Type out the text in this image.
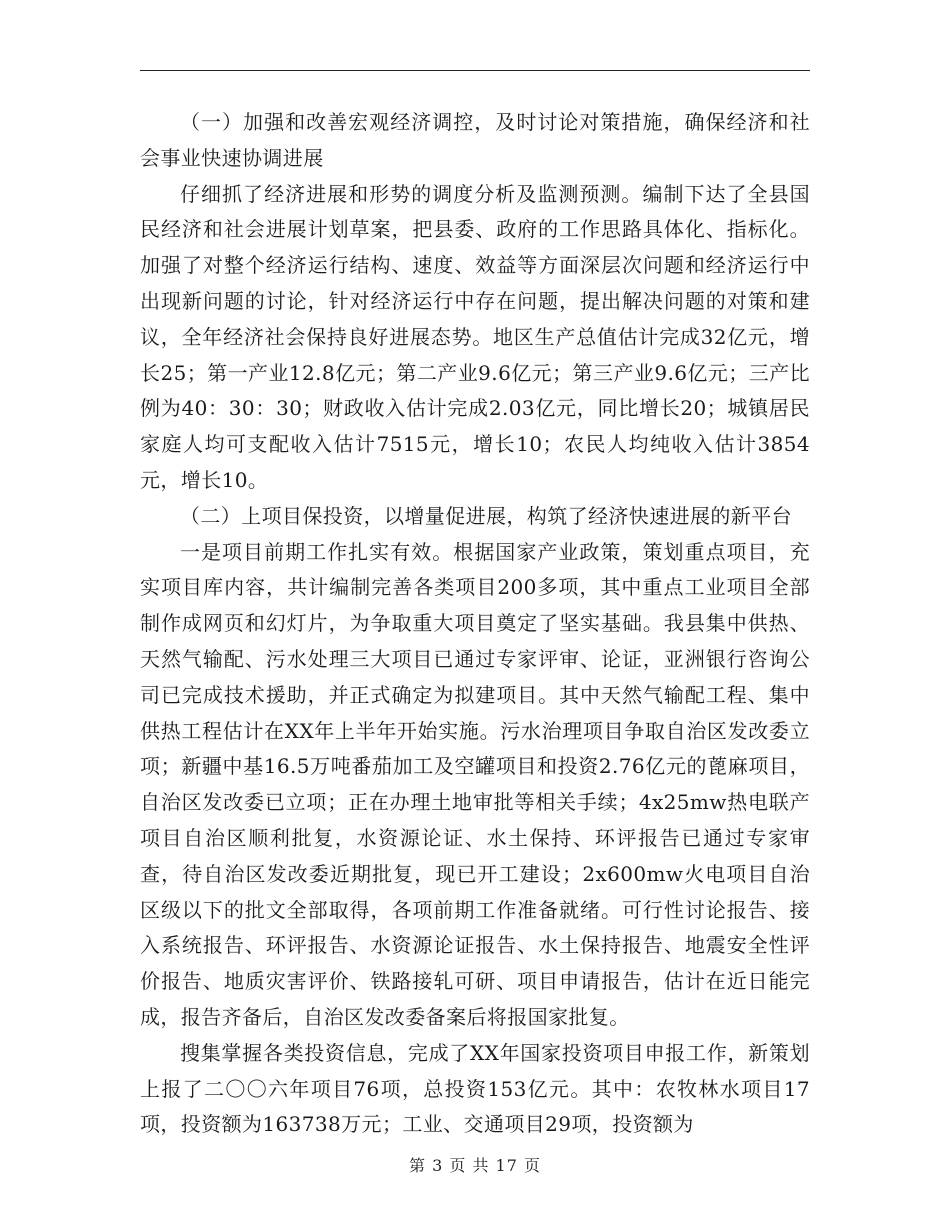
（一）加强和改善宏观经济调控，及时讨论对策措施，确保经济和社会事业快速协调进展

仔细抓了经济进展和形势的调度分析及监测预测。编制下达了全县国民经济和社会进展计划草案，把县委、政府的工作思路具体化、指标化。加强了对整个经济运行结构、速度、效益等方面深层次问题和经济运行中出现新问题的讨论，针对经济运行中存在问题，提出解决问题的对策和建议，全年经济社会保持良好进展态势。地区生产总值估计完成32亿元，增长25；第一产业12.8亿元；第二产业9.6亿元；第三产业9.6亿元；三产比例为40：30：30；财政收入估计完成2.03亿元，同比增长20；城镇居民家庭人均可支配收入估计7515元，增长10；农民人均纯收入估计3854元，增长10。

（二）上项目保投资，以增量促进展，构筑了经济快速进展的新平台

一是项目前期工作扎实有效。根据国家产业政策，策划重点项目，充实项目库内容，共计编制完善各类项目200多项，其中重点工业项目全部制作成网页和幻灯片，为争取重大项目奠定了坚实基础。我县集中供热、天然气输配、污水处理三大项目已通过专家评审、论证，亚洲银行咨询公司已完成技术援助，并正式确定为拟建项目。其中天然气输配工程、集中供热工程估计在XX年上半年开始实施。污水治理项目争取自治区发改委立项；新疆中基16.5万吨番茄加工及空罐项目和投资2.76亿元的蓖麻项目，自治区发改委已立项；正在办理土地审批等相关手续；4x25mw热电联产项目自治区顺利批复，水资源论证、水土保持、环评报告已通过专家审查，待自治区发改委近期批复，现已开工建设；2x600mw火电项目自治区级以下的批文全部取得，各项前期工作准备就绪。可行性讨论报告、接入系统报告、环评报告、水资源论证报告、水土保持报告、地震安全性评价报告、地质灾害评价、铁路接轧可研、项目申请报告，估计在近日能完成，报告齐备后，自治区发改委备案后将报国家批复。

搜集掌握各类投资信息，完成了XX年国家投资项目申报工作，新策划上报了二〇〇六年项目76项，总投资153亿元。其中：农牧林水项目17项，投资额为163738万元；工业、交通项目29项，投资额为

第 3 页 共 17 页
